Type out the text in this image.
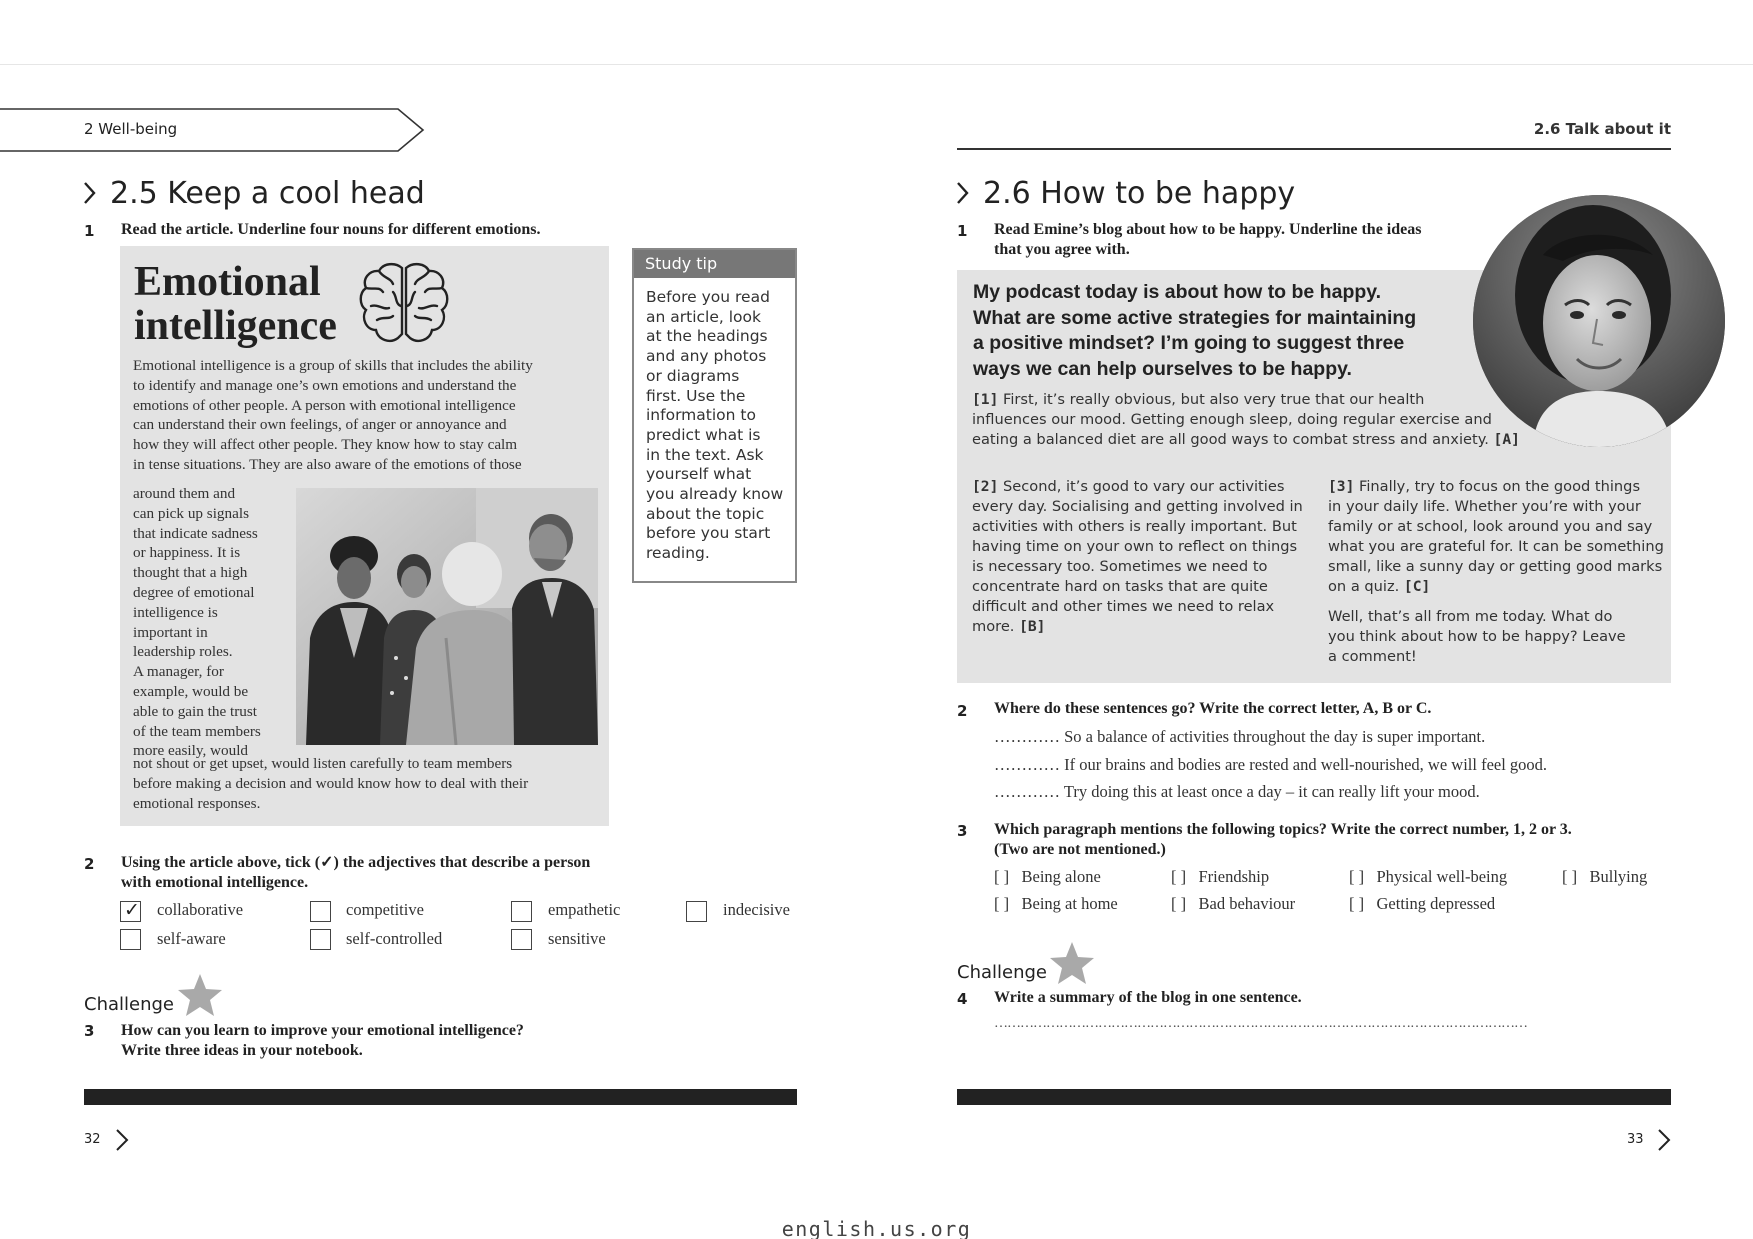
2 Well-being	2.6 Talk about it
2.5 Keep a cool head
1 Read the article. Underline four nouns for different emotions.
Emotional
intelligence
Emotional intelligence is a group of skills that includes the ability
to identify and manage one’s own emotions and understand the
emotions of other people. A person with emotional intelligence
can understand their own feelings, of anger or annoyance and
how they will affect other people. They know how to stay calm
in tense situations. They are also aware of the emotions of those
around them and
can pick up signals
that indicate sadness
or happiness. It is
thought that a high
degree of emotional
intelligence is
important in
leadership roles.
A manager, for
example, would be
able to gain the trust
of the team members
more easily, would
not shout or get upset, would listen carefully to team members
before making a decision and would know how to deal with their
emotional responses.
Study tip
Before you read
an article, look
at the headings
and any photos
or diagrams
first. Use the
information to
predict what is
in the text. Ask
yourself what
you already know
about the topic
before you start
reading.
2 Using the article above, tick (✓) the adjectives that describe a person
with emotional intelligence.
✓ collaborative	competitive	empathetic	indecisive
self-aware	self-controlled	sensitive
Challenge
3 How can you learn to improve your emotional intelligence?
Write three ideas in your notebook.
32
2.6 How to be happy
1 Read Emine’s blog about how to be happy. Underline the ideas
that you agree with.
My podcast today is about how to be happy.
What are some active strategies for maintaining
a positive mindset? I’m going to suggest three
ways we can help ourselves to be happy.
[1] First, it’s really obvious, but also very true that our health
influences our mood. Getting enough sleep, doing regular exercise and
eating a balanced diet are all good ways to combat stress and anxiety. [A]
[2] Second, it’s good to vary our activities
every day. Socialising and getting involved in
activities with others is really important. But
having time on your own to reflect on things
is necessary too. Sometimes we need to
concentrate hard on tasks that are quite
difficult and other times we need to relax
more. [B]
[3] Finally, try to focus on the good things
in your daily life. Whether you’re with your
family or at school, look around you and say
what you are grateful for. It can be something
small, like a sunny day or getting good marks
on a quiz. [C]
Well, that’s all from me today. What do
you think about how to be happy? Leave
a comment!
2 Where do these sentences go? Write the correct letter, A, B or C.
………… So a balance of activities throughout the day is super important.
………… If our brains and bodies are rested and well-nourished, we will feel good.
………… Try doing this at least once a day – it can really lift your mood.
3 Which paragraph mentions the following topics? Write the correct number, 1, 2 or 3.
(Two are not mentioned.)
[ ] Being alone	[ ] Friendship	[ ] Physical well-being	[ ] Bullying
[ ] Being at home	[ ] Bad behaviour	[ ] Getting depressed
Challenge
4 Write a summary of the blog in one sentence.
……………………………………………………………………………………………………………
33
english.us.org
